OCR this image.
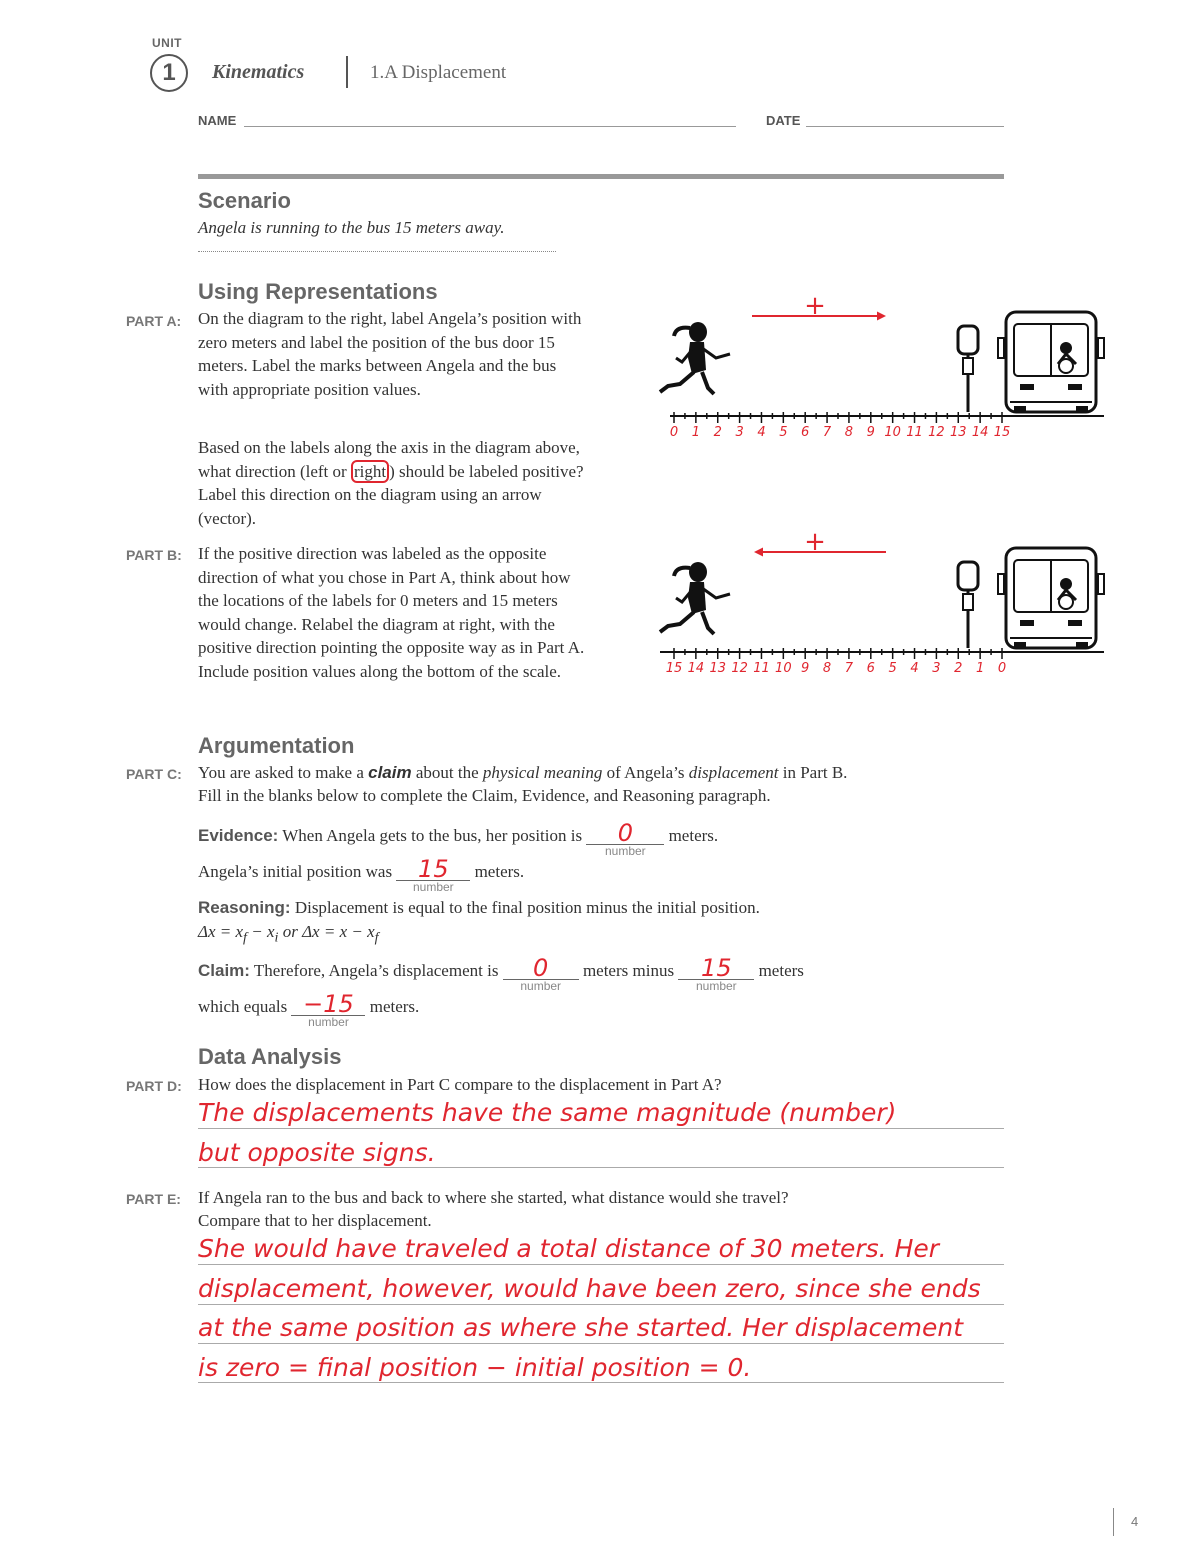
UNIT
1	Kinematics	1.A Displacement
NAME	DATE
Scenario
Angela is running to the bus 15 meters away.
Using Representations
PART A: On the diagram to the right, label Angela’s position with zero meters and label the position of the bus door 15 meters. Label the marks between Angela and the bus with appropriate position values.
Based on the labels along the axis in the diagram above, what direction (left or right ) should be labeled positive? Label this direction on the diagram using an arrow (vector).
PART B: If the positive direction was labeled as the opposite direction of what you chose in Part A, think about how the locations of the labels for 0 meters and 15 meters would change. Relabel the diagram at right, with the positive direction pointing the opposite way as in Part A. Include position values along the bottom of the scale.
+
0 1 2 3 4 5 6 7 8 9 10 11 12 13 14 15
+
15 14 13 12 11 10 9 8 7 6 5 4 3 2 1 0
Argumentation
PART C: You are asked to make a claim about the physical meaning of Angela’s displacement in Part B.
Fill in the blanks below to complete the Claim, Evidence, and Reasoning paragraph.
Evidence: When Angela gets to the bus, her position is	0
number
meters.
Angela’s initial position was 15
number
meters.
Reasoning: Displacement is equal to the final position minus the initial position.
$\Delta x = x_f - x_i$ or $\Delta x = x - x_f$
Claim: Therefore, Angela’s displacement is	0
number
meters minus 15
number
meters
which equals −15
number
meters.
Data Analysis
PART D: How does the displacement in Part C compare to the displacement in Part A?
The displacements have the same magnitude (number)
but opposite signs.
PART E: If Angela ran to the bus and back to where she started, what distance would she travel?
Compare that to her displacement.
She would have traveled a total distance of 30 meters. Her
displacement, however, would have been zero, since she ends
at the same position as where she started. Her displacement
is zero = final position − initial position = 0.
4
